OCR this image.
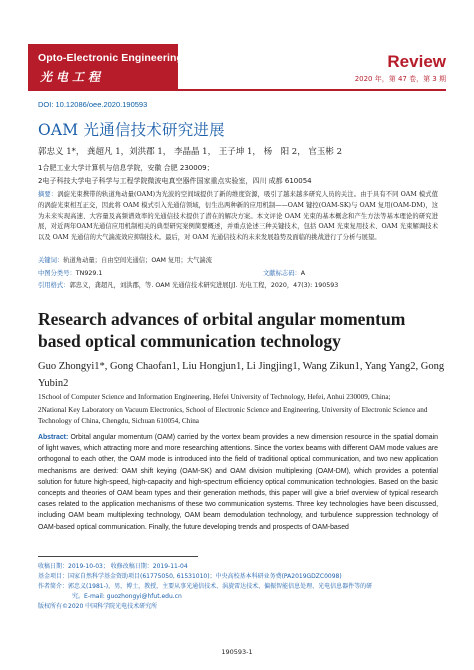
Opto-Electronic Engineering
光电工程
Review
2020 年，第 47 卷，第 3 期
DOI: 10.12086/oee.2020.190593
OAM 光通信技术研究进展
郭忠义 1*， 龚超凡 1，刘洪郡 1， 李晶晶 1， 王子坤 1， 杨　阳 2， 官玉彬 2
1合肥工业大学计算机与信息学院，安徽 合肥 230009；
2电子科技大学电子科学与工程学院微波电真空器件国家重点实验室，四川 成都 610054

摘要：涡旋光束携带的轨道角动量(OAM)为光波的空间域提供了新的维度资源，吸引了越来越多研究人员的关注。由于具有不同 OAM 模式值的涡旋光束相互正交，因此将 OAM 模式引入光通信领域，衍生出两种新的应用机制——OAM 键控(OAM-SK)与 OAM 复用(OAM-DM)，这为未来实现高速、大容量及高频谱效率的光通信技术提供了潜在的解决方案。本文评论 OAM 光束的基本概念和产生方法等基本理论的研究进展，对近两年OAM光通信应用机制相关的典型研究案例简要概述，并重点论述三种关键技术，包括 OAM 光束复用技术、OAM 光束解调技术以及 OAM 光通信的大气湍流效应抑制技术。最后，对 OAM 光通信技术的未来发展趋势及面临的挑战进行了分析与展望。

关键词：轨道角动量；自由空间光通信；OAM 复用；大气湍流
中图分类号：TN929.1	文献标志码：A
引用格式：郭忠义，龚超凡，刘洪郡，等. OAM 光通信技术研究进展[J]. 光电工程，2020，47(3): 190593
Research advances of orbital angular momentum based optical communication technology

Guo Zhongyi1*, Gong Chaofan1, Liu Hongjun1, Li Jingjing1, Wang Zikun1, Yang Yang2, Gong Yubin2

1School of Computer Science and Information Engineering, Hefei University of Technology, Hefei, Anhui 230009, China;

2National Key Laboratory on Vacuum Electronics, School of Electronic Science and Engineering, University of Electronic Science and Technology of China, Chengdu, Sichuan 610054, China

Abstract: Orbital angular momentum (OAM) carried by the vortex beam provides a new dimension resource in the spatial domain of light waves, which attracting more and more researching attentions. Since the vortex beams with different OAM mode values are orthogonal to each other, the OAM mode is introduced into the field of traditional optical communication, and two new application mechanisms are derived: OAM shift keying (OAM-SK) and OAM division multiplexing (OAM-DM), which provides a potential solution for future high-speed, high-capacity and high-spectrum efficiency optical communication technologies. Based on the basic concepts and theories of OAM beam types and their generation methods, this paper will give a brief overview of typical research cases related to the application mechanisms of these two communication systems. Three key technologies have been discussed, including OAM beam multiplexing technology, OAM beam demodulation technology, and turbulence suppression technology of OAM-based optical communication. Finally, the future developing trends and prospects of OAM-based

收稿日期：2019-10-03； 收修改稿日期：2019-11-04
基金项目：国家自然科学基金资助项目(61775050, 61531010)；中央高校基本科研业务费(PA2019GDZC0098)
作者简介：郭忠义(1981-)，男，博士，教授，主要从事光通信技术、涡旋雷达技术、偏振智能信息处理、光电信息器件等的研
究。E-mail: guozhongyi@hfut.edu.cn
版权所有©2020 中国科学院光电技术研究所
190593-1
